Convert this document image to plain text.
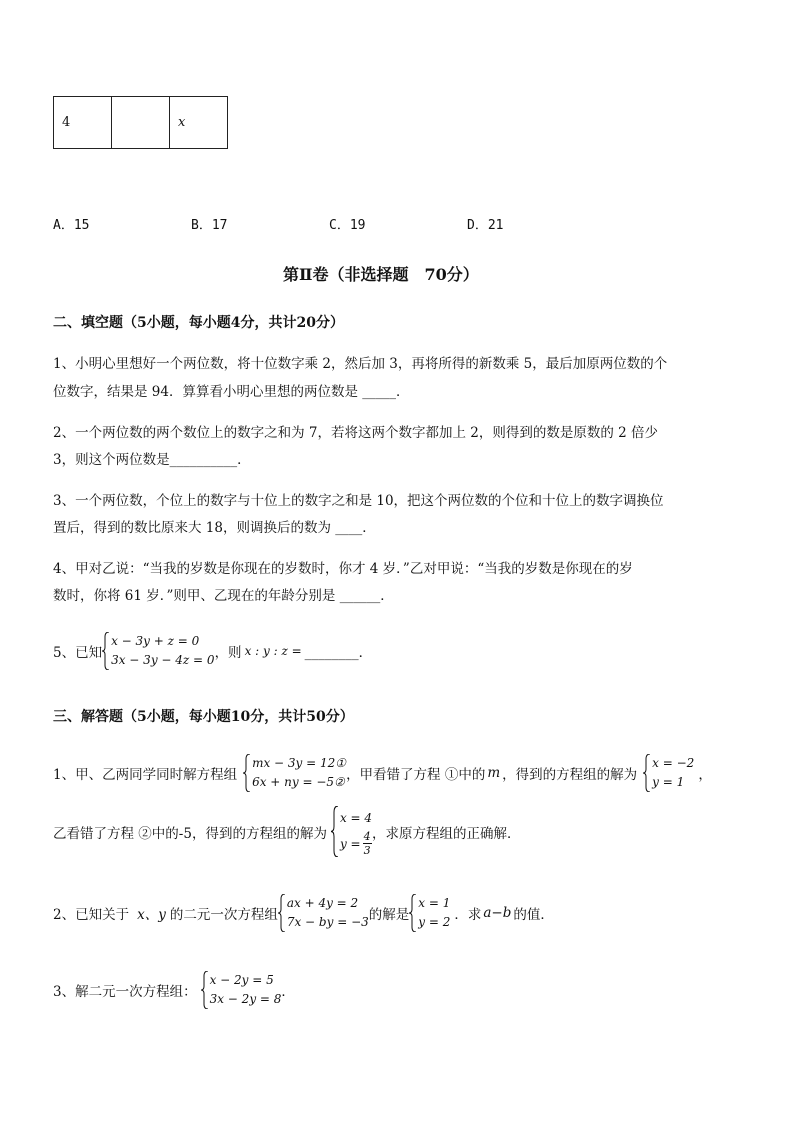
4		x
A．15	B．17	C．19	D．21
第Ⅱ卷（非选择题　70分）
二、填空题（5小题，每小题4分，共计20分）
1、小明心里想好一个两位数，将十位数字乘 2，然后加 3，再将所得的新数乘 5，最后加原两位数的个
位数字，结果是 94．算算看小明心里想的两位数是 _____．
2、一个两位数的两个数位上的数字之和为 7，若将这两个数字都加上 2，则得到的数是原数的 2 倍少
3，则这个两位数是__________．
3、一个两位数，个位上的数字与十位上的数字之和是 10，把这个两位数的个位和十位上的数字调换位
置后，得到的数比原来大 18，则调换后的数为 ____．
4、甲对乙说：“当我的岁数是你现在的岁数时，你才 4 岁．”乙对甲说：“当我的岁数是你现在的岁
数时，你将 61 岁．”则甲、乙现在的年龄分别是 ______．
5、已知
x − 3y + z = 0
3x − 3y − 4z = 0 ，则 x : y : z = ________．
三、解答题（5小题，每小题10分，共计50分）
1、甲、乙两同学同时解方程组
mx − 3y = 12①
6x + ny = −5② ，甲看错了方程 ①中的 m ，得到的方程组的解为
x = −2
y = 1	，
乙看错了方程 ②中的-5，得到的方程组的解为
x = 4
$y = \frac{4}{3}$ ，求原方程组的正确解．
2、已知关于 x、y 的二元一次方程组
ax + 4y = 2
7x − by = −3 的解是
x = 1
y = 2 ．求 a−b 的值．
3、解二元一次方程组：
x − 2y = 5
3x − 2y = 8 ．
